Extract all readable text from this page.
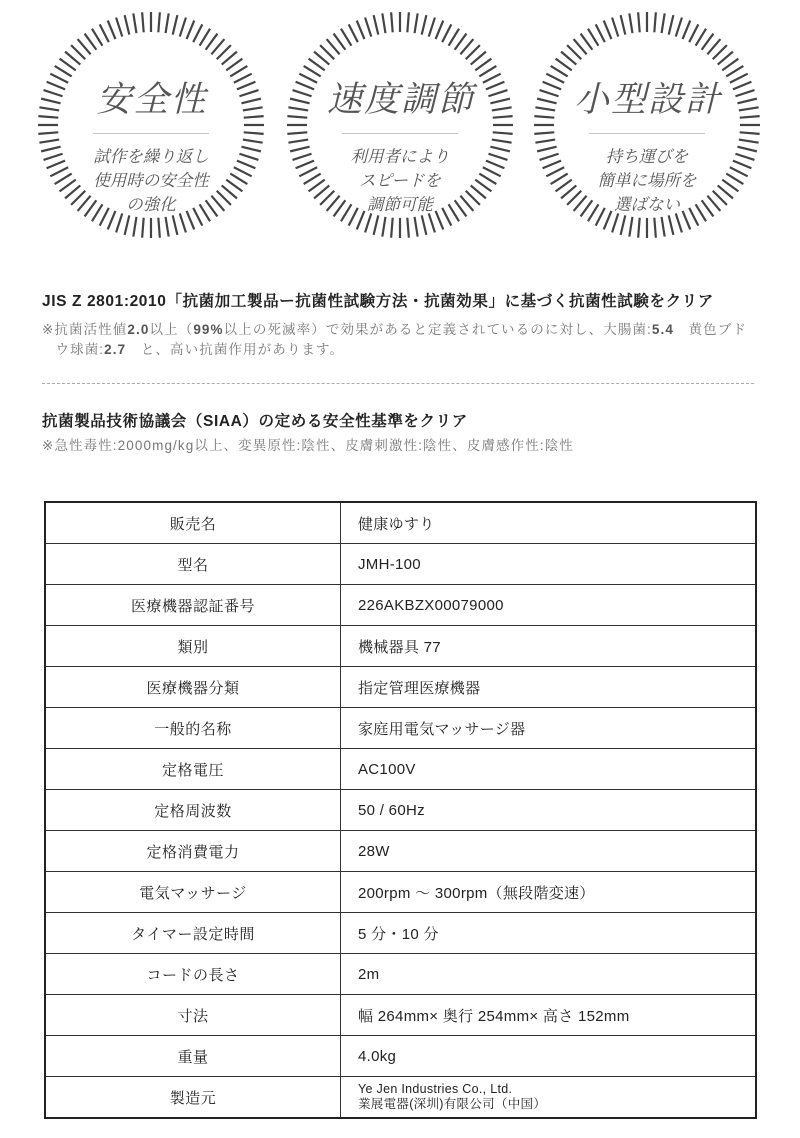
安全性
試作を繰り返し
使用時の安全性
の強化
速度調節
利用者により
スピードを
調節可能
小型設計
持ち運びを
簡単に場所を
選ばない
JIS Z 2801:2010「抗菌加工製品ー抗菌性試験方法・抗菌効果」に基づく抗菌性試験をクリア
※抗菌活性値2.0以上（99%以上の死滅率）で効果があると定義されているのに対し、大腸菌:5.4　黄色ブドウ球菌:2.7　と、高い抗菌作用があります。
抗菌製品技術協議会（SIAA）の定める安全性基準をクリア
※急性毒性:2000mg/kg以上、変異原性:陰性、皮膚刺激性:陰性、皮膚感作性:陰性
販売名	健康ゆすり
型名	JMH-100
医療機器認証番号	226AKBZX00079000
類別	機械器具 77
医療機器分類	指定管理医療機器
一般的名称	家庭用電気マッサージ器
定格電圧	AC100V
定格周波数	50 / 60Hz
定格消費電力	28W
電気マッサージ	200rpm 〜 300rpm（無段階変速）
タイマー設定時間	5 分・10 分
コードの長さ	2m
寸法	幅 264mm× 奥行 254mm× 高さ 152mm
重量	4.0kg
製造元	Ye Jen Industries Co., Ltd.
業展電器(深圳)有限公司（中国）
